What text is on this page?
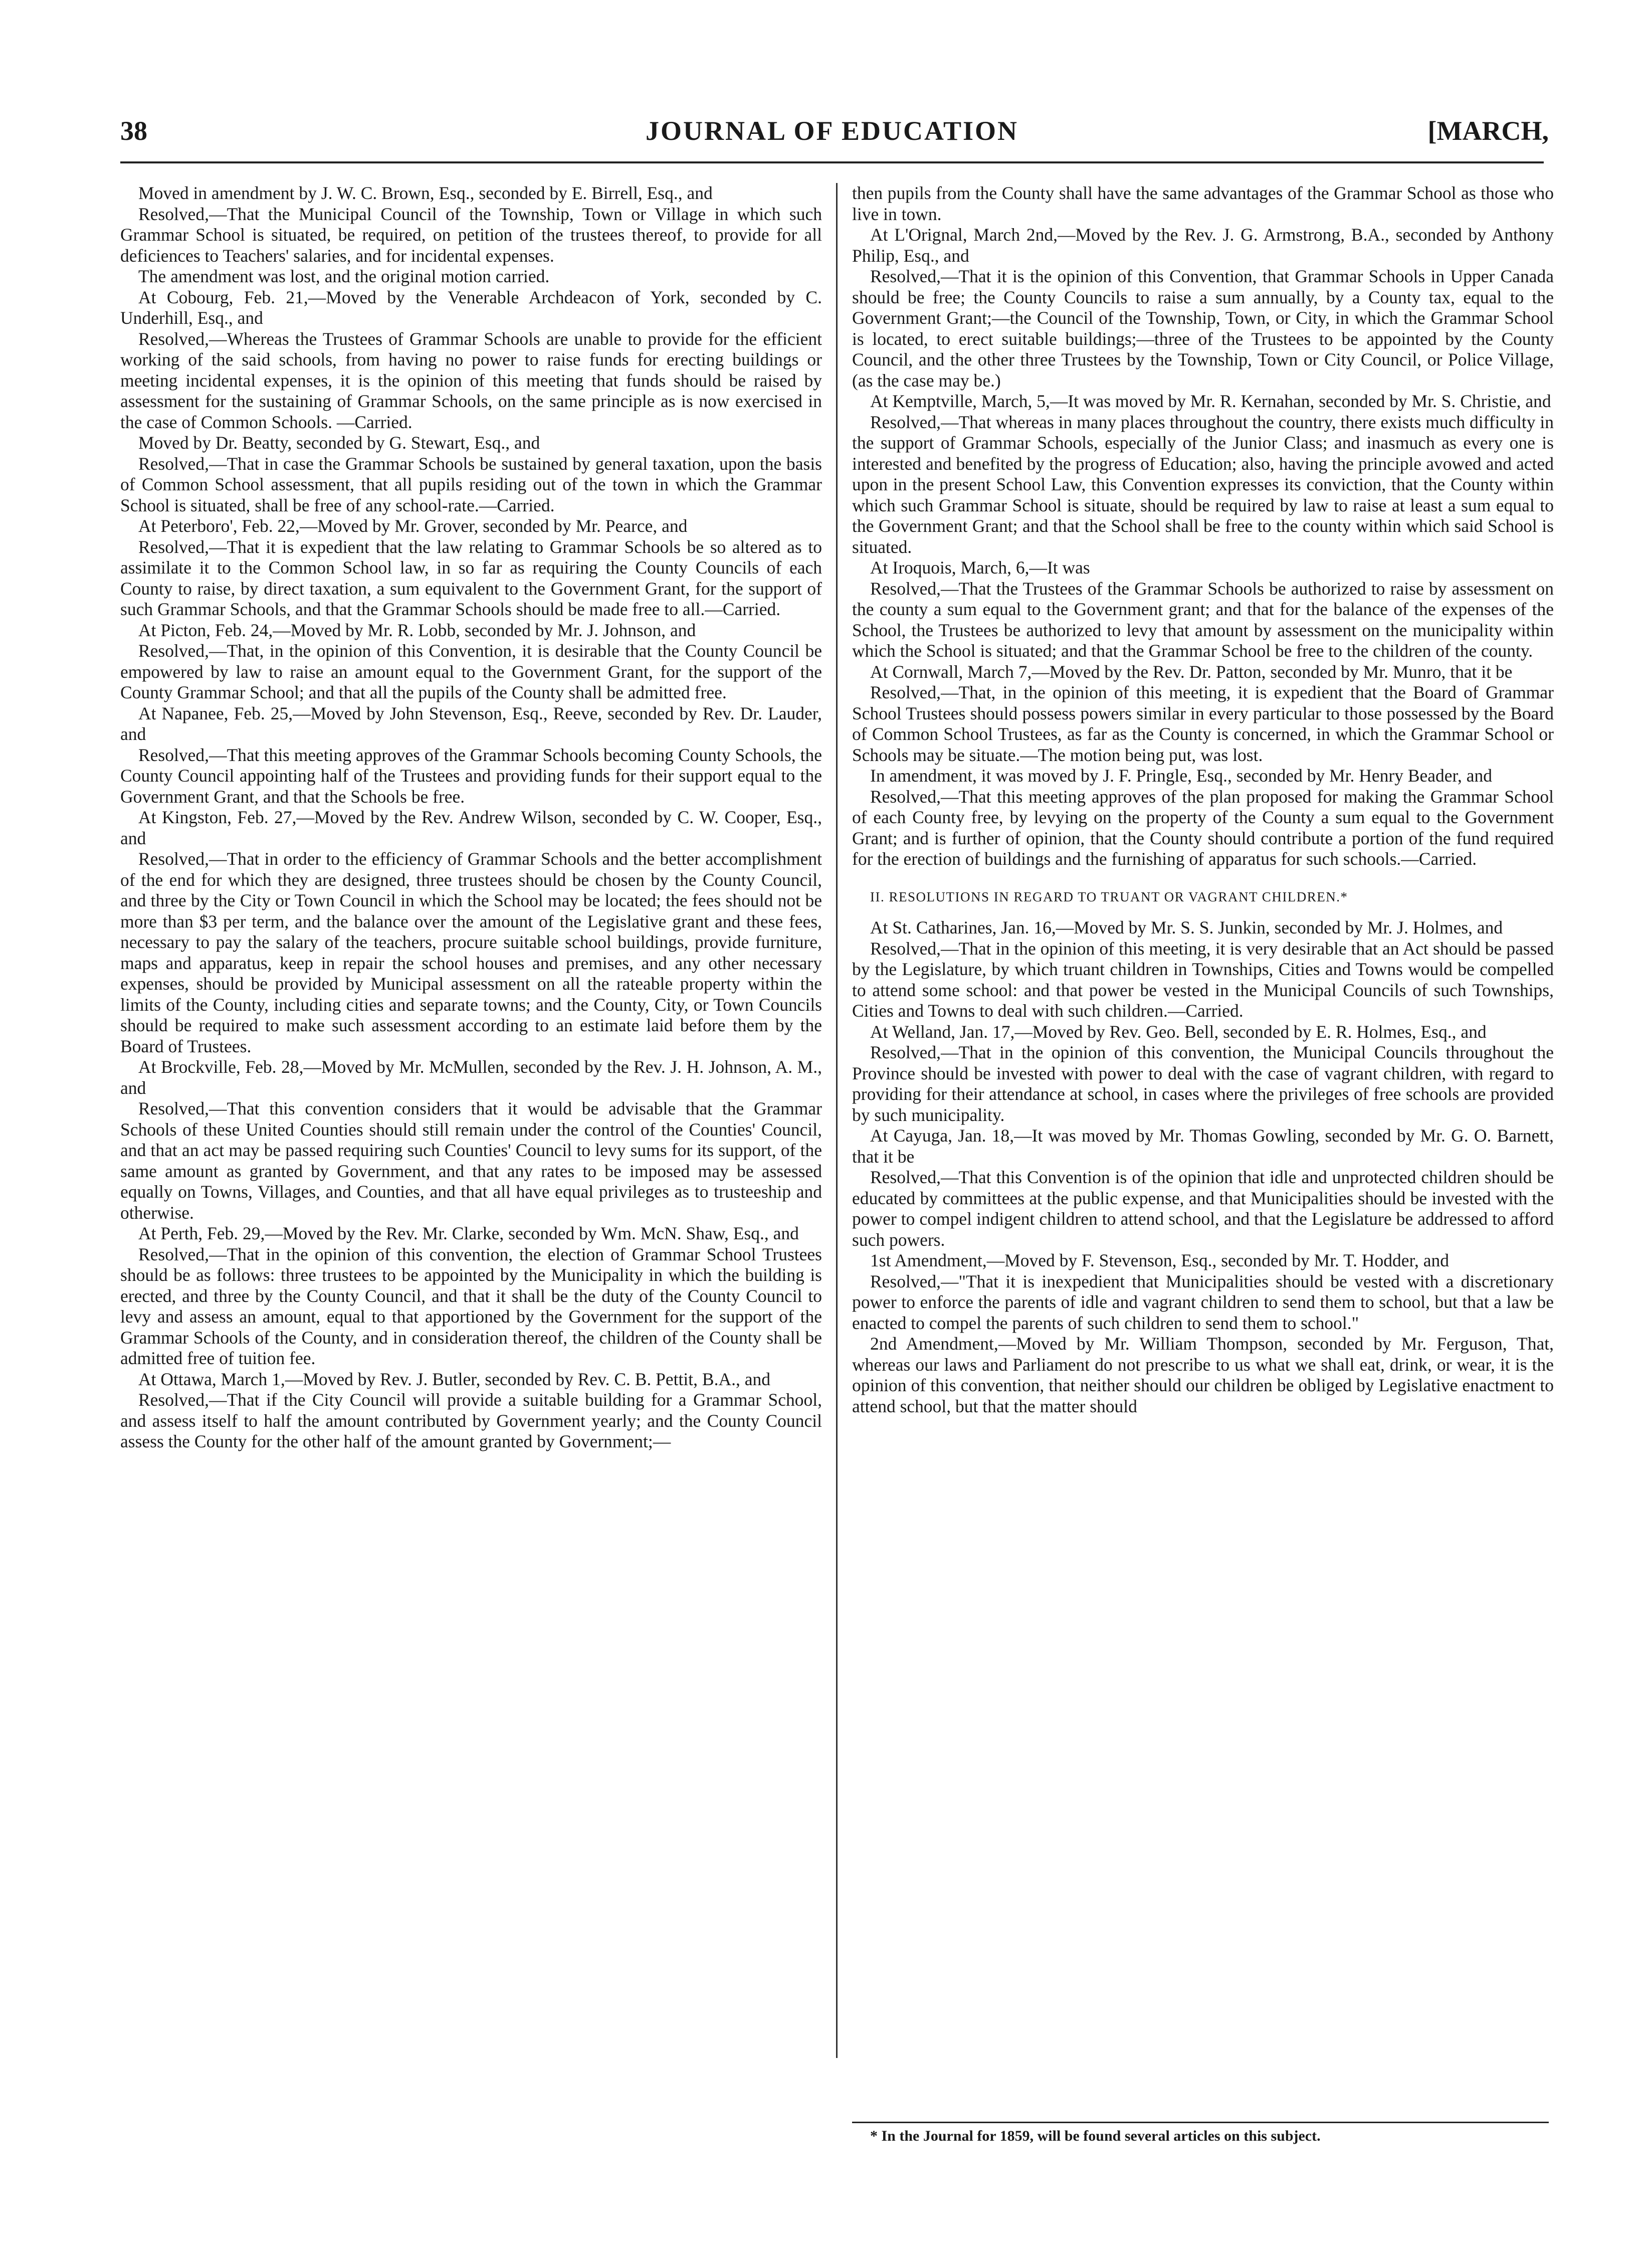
38	JOURNAL OF EDUCATION	[MARCH,

Moved in amendment by J. W. C. Brown, Esq., seconded by E. Birrell, Esq., and

Resolved,—That the Municipal Council of the Township, Town or Village in which such Grammar School is situated, be required, on petition of the trustees thereof, to provide for all deficiences to Teachers' salaries, and for incidental expenses.

The amendment was lost, and the original motion carried.

At Cobourg, Feb. 21,—Moved by the Venerable Archdeacon of York, seconded by C. Underhill, Esq., and

Resolved,—Whereas the Trustees of Grammar Schools are unable to provide for the efficient working of the said schools, from having no power to raise funds for erecting buildings or meeting incidental expenses, it is the opinion of this meeting that funds should be raised by assessment for the sustaining of Grammar Schools, on the same principle as is now exercised in the case of Common Schools. —Carried.

Moved by Dr. Beatty, seconded by G. Stewart, Esq., and

Resolved,—That in case the Grammar Schools be sustained by general taxation, upon the basis of Common School assessment, that all pupils residing out of the town in which the Grammar School is situated, shall be free of any school-rate.—Carried.

At Peterboro', Feb. 22,—Moved by Mr. Grover, seconded by Mr. Pearce, and

Resolved,—That it is expedient that the law relating to Grammar Schools be so altered as to assimilate it to the Common School law, in so far as requiring the County Councils of each County to raise, by direct taxation, a sum equivalent to the Government Grant, for the support of such Grammar Schools, and that the Grammar Schools should be made free to all.—Carried.

At Picton, Feb. 24,—Moved by Mr. R. Lobb, seconded by Mr. J. Johnson, and

Resolved,—That, in the opinion of this Convention, it is desirable that the County Council be empowered by law to raise an amount equal to the Government Grant, for the support of the County Grammar School; and that all the pupils of the County shall be admitted free.

At Napanee, Feb. 25,—Moved by John Stevenson, Esq., Reeve, seconded by Rev. Dr. Lauder, and

Resolved,—That this meeting approves of the Grammar Schools becoming County Schools, the County Council appointing half of the Trustees and providing funds for their support equal to the Government Grant, and that the Schools be free.

At Kingston, Feb. 27,—Moved by the Rev. Andrew Wilson, seconded by C. W. Cooper, Esq., and

Resolved,—That in order to the efficiency of Grammar Schools and the better accomplishment of the end for which they are designed, three trustees should be chosen by the County Council, and three by the City or Town Council in which the School may be located; the fees should not be more than $3 per term, and the balance over the amount of the Legislative grant and these fees, necessary to pay the salary of the teachers, procure suitable school buildings, provide furniture, maps and apparatus, keep in repair the school houses and premises, and any other necessary expenses, should be provided by Municipal assessment on all the rateable property within the limits of the County, including cities and separate towns; and the County, City, or Town Councils should be required to make such assessment according to an estimate laid before them by the Board of Trustees.

At Brockville, Feb. 28,—Moved by Mr. McMullen, seconded by the Rev. J. H. Johnson, A. M., and

Resolved,—That this convention considers that it would be advisable that the Grammar Schools of these United Counties should still remain under the control of the Counties' Council, and that an act may be passed requiring such Counties' Council to levy sums for its support, of the same amount as granted by Government, and that any rates to be imposed may be assessed equally on Towns, Villages, and Counties, and that all have equal privileges as to trusteeship and otherwise.

At Perth, Feb. 29,—Moved by the Rev. Mr. Clarke, seconded by Wm. McN. Shaw, Esq., and

Resolved,—That in the opinion of this convention, the election of Grammar School Trustees should be as follows: three trustees to be appointed by the Municipality in which the building is erected, and three by the County Council, and that it shall be the duty of the County Council to levy and assess an amount, equal to that apportioned by the Government for the support of the Grammar Schools of the County, and in consideration thereof, the children of the County shall be admitted free of tuition fee.

At Ottawa, March 1,—Moved by Rev. J. Butler, seconded by Rev. C. B. Pettit, B.A., and

Resolved,—That if the City Council will provide a suitable building for a Grammar School, and assess itself to half the amount contributed by Government yearly; and the County Council assess the County for the other half of the amount granted by Government;—

then pupils from the County shall have the same advantages of the Grammar School as those who live in town.

At L'Orignal, March 2nd,—Moved by the Rev. J. G. Armstrong, B.A., seconded by Anthony Philip, Esq., and

Resolved,—That it is the opinion of this Convention, that Grammar Schools in Upper Canada should be free; the County Councils to raise a sum annually, by a County tax, equal to the Government Grant;—the Council of the Township, Town, or City, in which the Grammar School is located, to erect suitable buildings;—three of the Trustees to be appointed by the County Council, and the other three Trustees by the Township, Town or City Council, or Police Village, (as the case may be.)

At Kemptville, March, 5,—It was moved by Mr. R. Kernahan, seconded by Mr. S. Christie, and

Resolved,—That whereas in many places throughout the country, there exists much difficulty in the support of Grammar Schools, especially of the Junior Class; and inasmuch as every one is interested and benefited by the progress of Education; also, having the principle avowed and acted upon in the present School Law, this Convention expresses its conviction, that the County within which such Grammar School is situate, should be required by law to raise at least a sum equal to the Government Grant; and that the School shall be free to the county within which said School is situated.

At Iroquois, March, 6,—It was

Resolved,—That the Trustees of the Grammar Schools be authorized to raise by assessment on the county a sum equal to the Government grant; and that for the balance of the expenses of the School, the Trustees be authorized to levy that amount by assessment on the municipality within which the School is situated; and that the Grammar School be free to the children of the county.

At Cornwall, March 7,—Moved by the Rev. Dr. Patton, seconded by Mr. Munro, that it be

Resolved,—That, in the opinion of this meeting, it is expedient that the Board of Grammar School Trustees should possess powers similar in every particular to those possessed by the Board of Common School Trustees, as far as the County is concerned, in which the Grammar School or Schools may be situate.—The motion being put, was lost.

In amendment, it was moved by J. F. Pringle, Esq., seconded by Mr. Henry Beader, and

Resolved,—That this meeting approves of the plan proposed for making the Grammar School of each County free, by levying on the property of the County a sum equal to the Government Grant; and is further of opinion, that the County should contribute a portion of the fund required for the erection of buildings and the furnishing of apparatus for such schools.—Carried.

II. RESOLUTIONS IN REGARD TO TRUANT OR VAGRANT CHILDREN.*

At St. Catharines, Jan. 16,—Moved by Mr. S. S. Junkin, seconded by Mr. J. Holmes, and

Resolved,—That in the opinion of this meeting, it is very desirable that an Act should be passed by the Legislature, by which truant children in Townships, Cities and Towns would be compelled to attend some school: and that power be vested in the Municipal Councils of such Townships, Cities and Towns to deal with such children.—Carried.

At Welland, Jan. 17,—Moved by Rev. Geo. Bell, seconded by E. R. Holmes, Esq., and

Resolved,—That in the opinion of this convention, the Municipal Councils throughout the Province should be invested with power to deal with the case of vagrant children, with regard to providing for their attendance at school, in cases where the privileges of free schools are provided by such municipality.

At Cayuga, Jan. 18,—It was moved by Mr. Thomas Gowling, seconded by Mr. G. O. Barnett, that it be

Resolved,—That this Convention is of the opinion that idle and unprotected children should be educated by committees at the public expense, and that Municipalities should be invested with the power to compel indigent children to attend school, and that the Legislature be addressed to afford such powers.

1st Amendment,—Moved by F. Stevenson, Esq., seconded by Mr. T. Hodder, and

Resolved,—"That it is inexpedient that Municipalities should be vested with a discretionary power to enforce the parents of idle and vagrant children to send them to school, but that a law be enacted to compel the parents of such children to send them to school."

2nd Amendment,—Moved by Mr. William Thompson, seconded by Mr. Ferguson, That, whereas our laws and Parliament do not prescribe to us what we shall eat, drink, or wear, it is the opinion of this convention, that neither should our children be obliged by Legislative enactment to attend school, but that the matter should

* In the Journal for 1859, will be found several articles on this subject.
